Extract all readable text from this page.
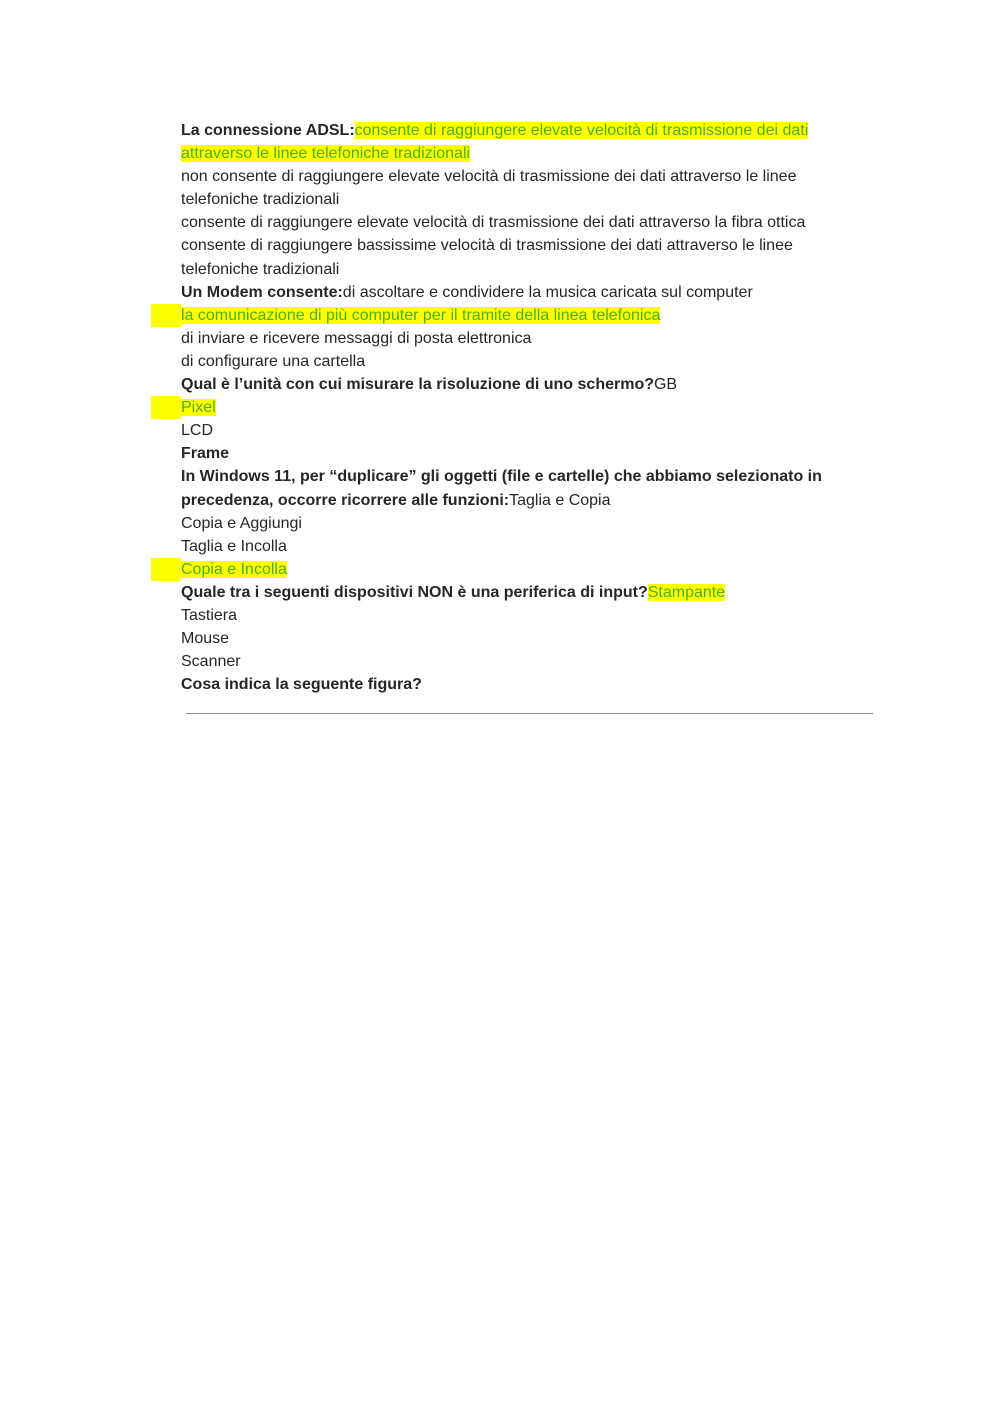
La connessione ADSL:consente di raggiungere elevate velocità di trasmissione dei dati attraverso le linee telefoniche tradizionali

non consente di raggiungere elevate velocità di trasmissione dei dati attraverso le linee telefoniche tradizionali

consente di raggiungere elevate velocità di trasmissione dei dati attraverso la fibra ottica

consente di raggiungere bassissime velocità di trasmissione dei dati attraverso le linee telefoniche tradizionali

Un Modem consente:di ascoltare e condividere la musica caricata sul computer

la comunicazione di più computer per il tramite della linea telefonica

di inviare e ricevere messaggi di posta elettronica

di configurare una cartella

Qual è l’unità con cui misurare la risoluzione di uno schermo?GB

Pixel

LCD

Frame

In Windows 11, per “duplicare” gli oggetti (file e cartelle) che abbiamo selezionato in precedenza, occorre ricorrere alle funzioni:Taglia e Copia

Copia e Aggiungi

Taglia e Incolla

Copia e Incolla

Quale tra i seguenti dispositivi NON è una periferica di input?Stampante

Tastiera

Mouse

Scanner

Cosa indica la seguente figura?
